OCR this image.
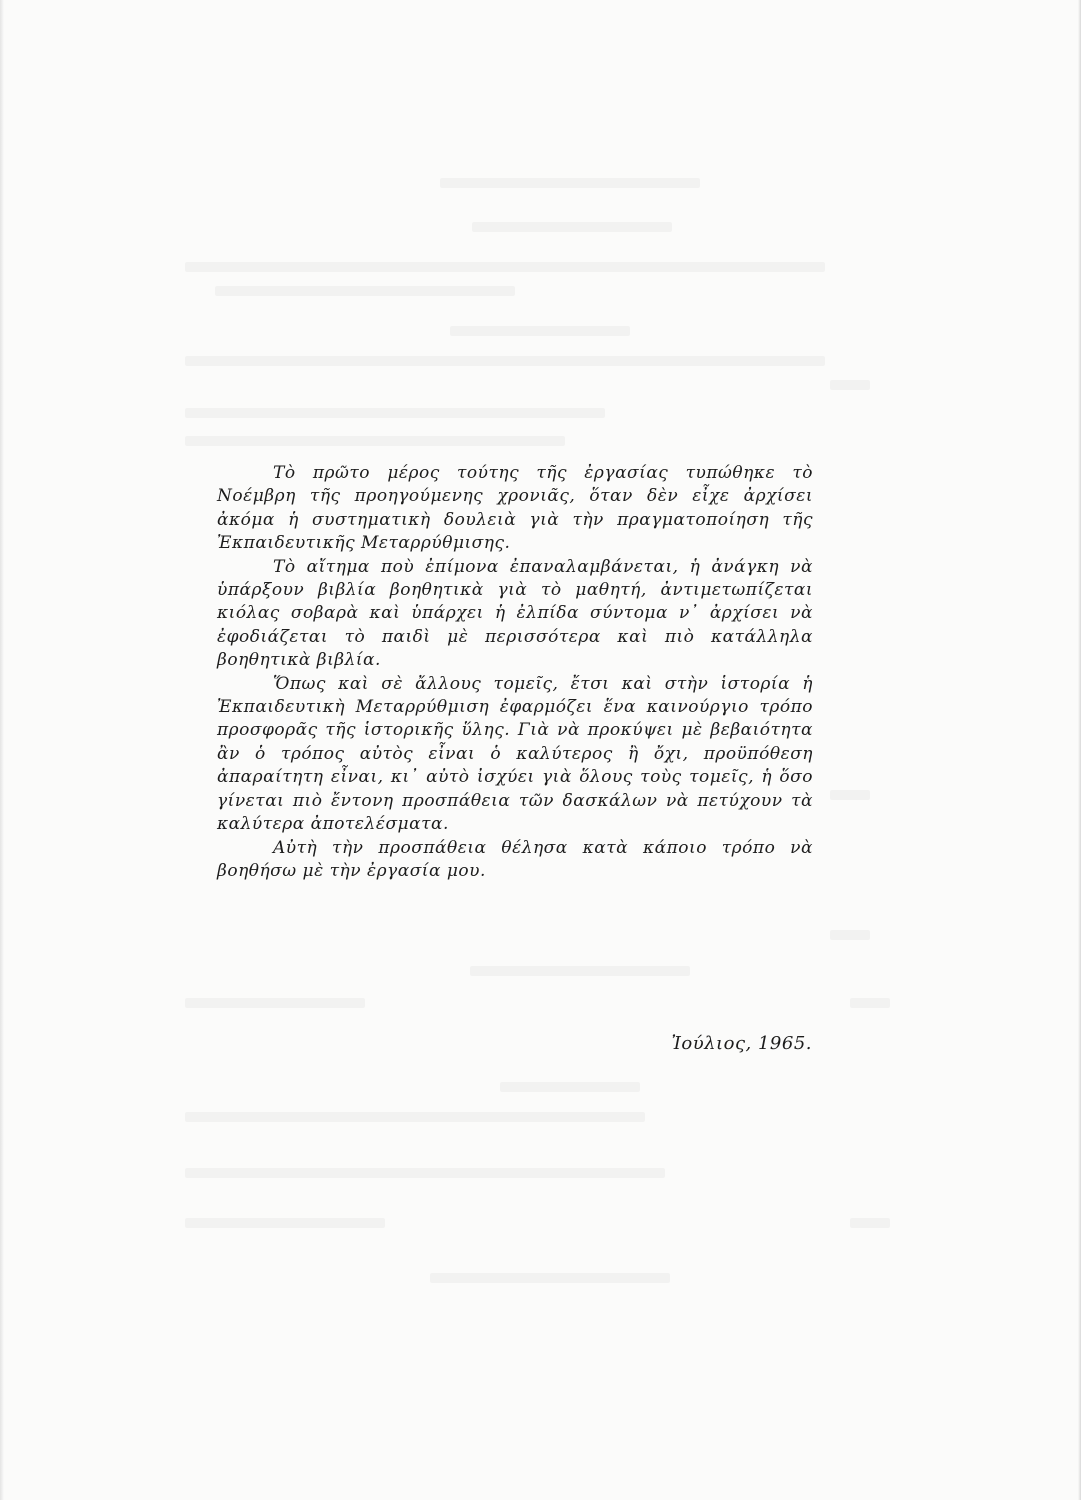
Τὸ πρῶτο μέρος τούτης τῆς ἐργασίας τυπώθηκε τὸ Νοέμβρη τῆς προηγούμενης χρονιᾶς, ὅταν δὲν εἶχε ἀρχίσει ἀκόμα ἡ συστηματικὴ δουλειὰ γιὰ τὴν πραγματοποίηση τῆς Ἐκπαιδευτικῆς Μεταρρύθμισης.

Τὸ αἴτημα ποὺ ἐπίμονα ἐπαναλαμβάνεται, ἡ ἀνάγκη νὰ ὑπάρξουν βιβλία βοηθητικὰ γιὰ τὸ μαθητή, ἀντιμετωπίζεται κιόλας σοβαρὰ καὶ ὑπάρχει ἡ ἐλπίδα σύντομα ν᾿ ἀρχίσει νὰ ἐφοδιάζεται τὸ παιδὶ μὲ περισσότερα καὶ πιὸ κατάλληλα βοηθητικὰ βιβλία.

Ὅπως καὶ σὲ ἄλλους τομεῖς, ἔτσι καὶ στὴν ἱστορία ἡ Ἐκπαιδευτικὴ Μεταρρύθμιση ἐφαρμόζει ἕνα καινούργιο τρόπο προσφορᾶς τῆς ἱστορικῆς ὕλης. Γιὰ νὰ προκύψει μὲ βεβαιότητα ἂν ὁ τρόπος αὐτὸς εἶναι ὁ καλύτερος ἢ ὄχι, προϋπόθεση ἀπαραίτητη εἶναι, κι᾿ αὐτὸ ἰσχύει γιὰ ὅλους τοὺς τομεῖς, ἡ ὅσο γίνεται πιὸ ἔντονη προσπάθεια τῶν δασκάλων νὰ πετύχουν τὰ καλύτερα ἀποτελέσματα.

Αὐτὴ τὴν προσπάθεια θέλησα κατὰ κάποιο τρόπο νὰ βοηθήσω μὲ τὴν ἐργασία μου.

Ἰούλιος, 1965.
